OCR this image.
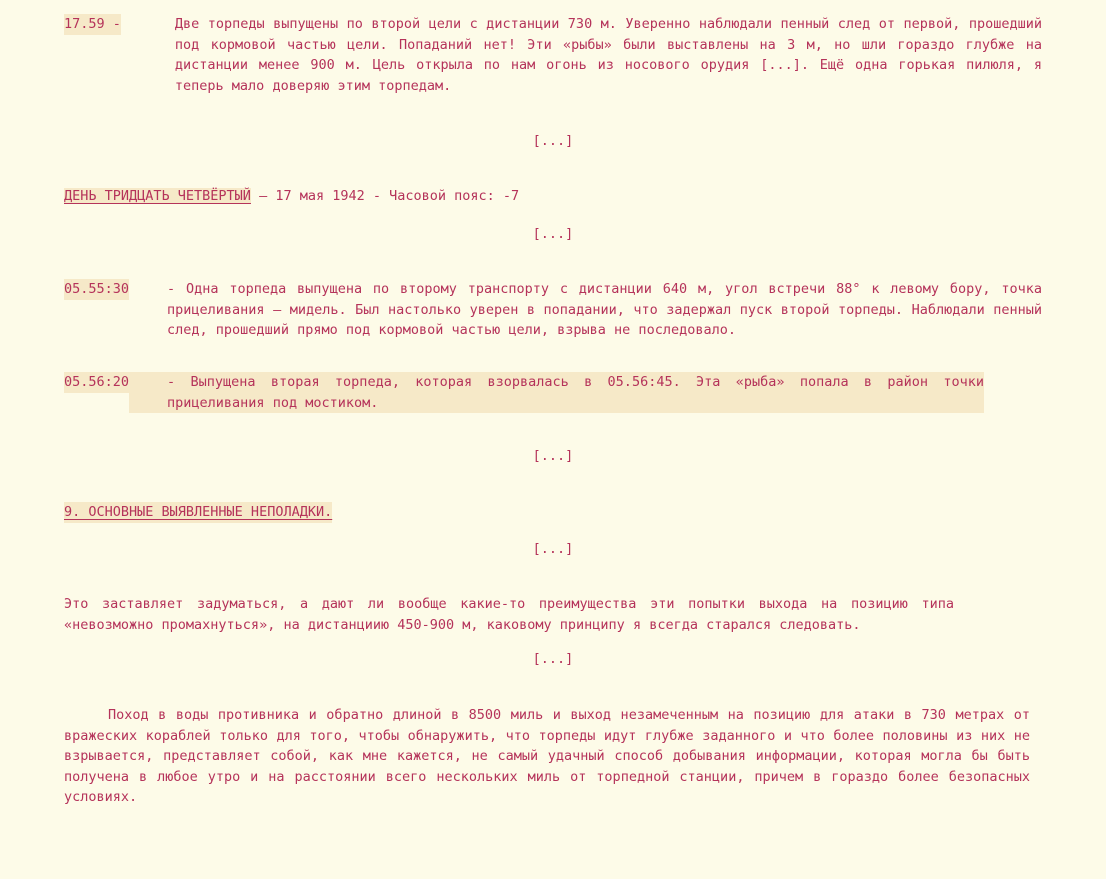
17.59 -	Две торпеды выпущены по второй цели с дистанции 730 м. Уверенно наблюдали пенный след от первой, прошедший под кормовой частью цели. Попаданий нет! Эти «рыбы» были выставлены на 3 м, но шли гораздо глубже на дистанции менее 900 м. Цель открыла по нам огонь из носового орудия [...]. Ещё одна горькая пилюля, я теперь мало доверяю этим торпедам.
[...]
ДЕНЬ ТРИДЦАТЬ ЧЕТВЁРТЫЙ – 17 мая 1942 - Часовой пояс: -7
[...]
05.55:30	- Одна торпеда выпущена по второму транспорту с дистанции 640 м, угол встречи 88° к левому бору, точка прицеливания — мидель. Был настолько уверен в попадании, что задержал пуск второй торпеды. Наблюдали пенный след, прошедший прямо под кормовой частью цели, взрыва не последовало.
05.56:20	- Выпущена вторая торпеда, которая взорвалась в 05.56:45. Эта «рыба» попала в район точки прицеливания под мостиком.
[...]
9. ОСНОВНЫЕ ВЫЯВЛЕННЫЕ НЕПОЛАДКИ.
[...]
Это заставляет задуматься, а дают ли вообще какие-то преимущества эти попытки выхода на позицию типа «невозможно промахнуться», на дистанциию 450-900 м, каковому принципу я всегда старался следовать.
[...]
Поход в воды противника и обратно длиной в 8500 миль и выход незамеченным на позицию для атаки в 730 метрах от вражеских кораблей только для того, чтобы обнаружить, что торпеды идут глубже заданного и что более половины из них не взрывается, представляет собой, как мне кажется, не самый удачный способ добывания информации, которая могла бы быть получена в любое утро и на расстоянии всего нескольких миль от торпедной станции, причем в гораздо более безопасных условиях.
